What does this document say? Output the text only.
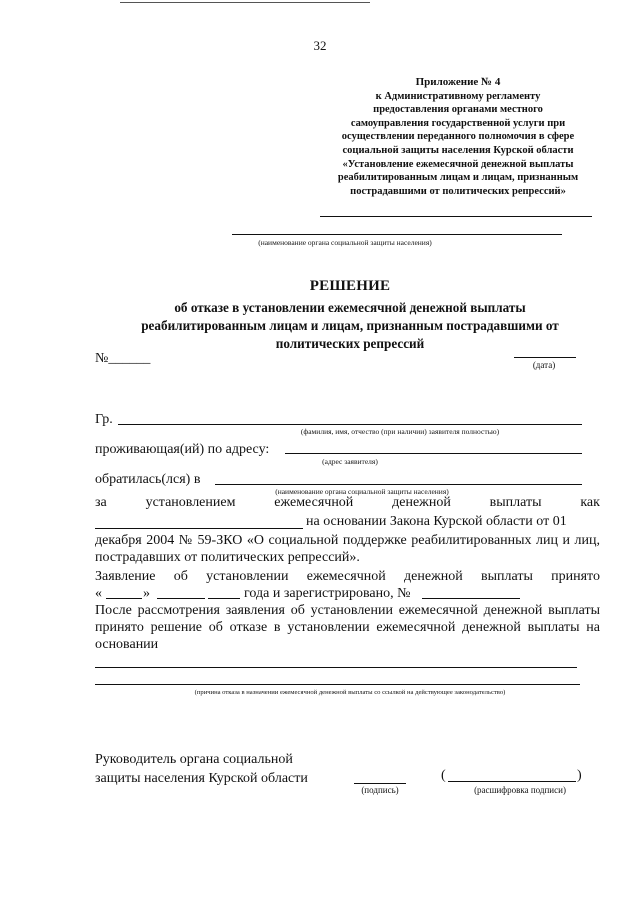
32
Приложение № 4
к Административному регламенту
предоставления органами местного
самоуправления государственной услуги при
осуществлении переданного полномочия в сфере
социальной защиты населения Курской области
«Установление ежемесячной денежной выплаты
реабилитированным лицам и лицам, признанным
пострадавшими от политических репрессий»
(наименование органа социальной защиты населения)
РЕШЕНИЕ
об отказе в установлении ежемесячной денежной выплаты
реабилитированным лицам и лицам, признанным пострадавшими от
политических репрессий
№______	(дата)
Гр.
(фамилия, имя, отчество (при наличии) заявителя полностью)
проживающая(ий) по адресу:
(адрес заявителя)
обратилась(лся) в
(наименование органа социальной защиты населения)
за	установлением	ежемесячной	денежной	выплаты	как
на основании Закона Курской области от 01
декабря 2004 № 59-ЗКО «О социальной поддержке реабилитированных лиц и лиц, пострадавших от политических репрессий».
Заявление об установлении ежемесячной денежной выплаты принято
«	»	года и зарегистрировано, №
После рассмотрения заявления об установлении ежемесячной денежной выплаты принято решение об отказе в установлении ежемесячной денежной выплаты на основании
(причина отказа в назначении ежемесячной денежной выплаты со ссылкой на действующее законодательство)
Руководитель органа социальной
защиты населения Курской области
(подпись)
(	)
(расшифровка подписи)
